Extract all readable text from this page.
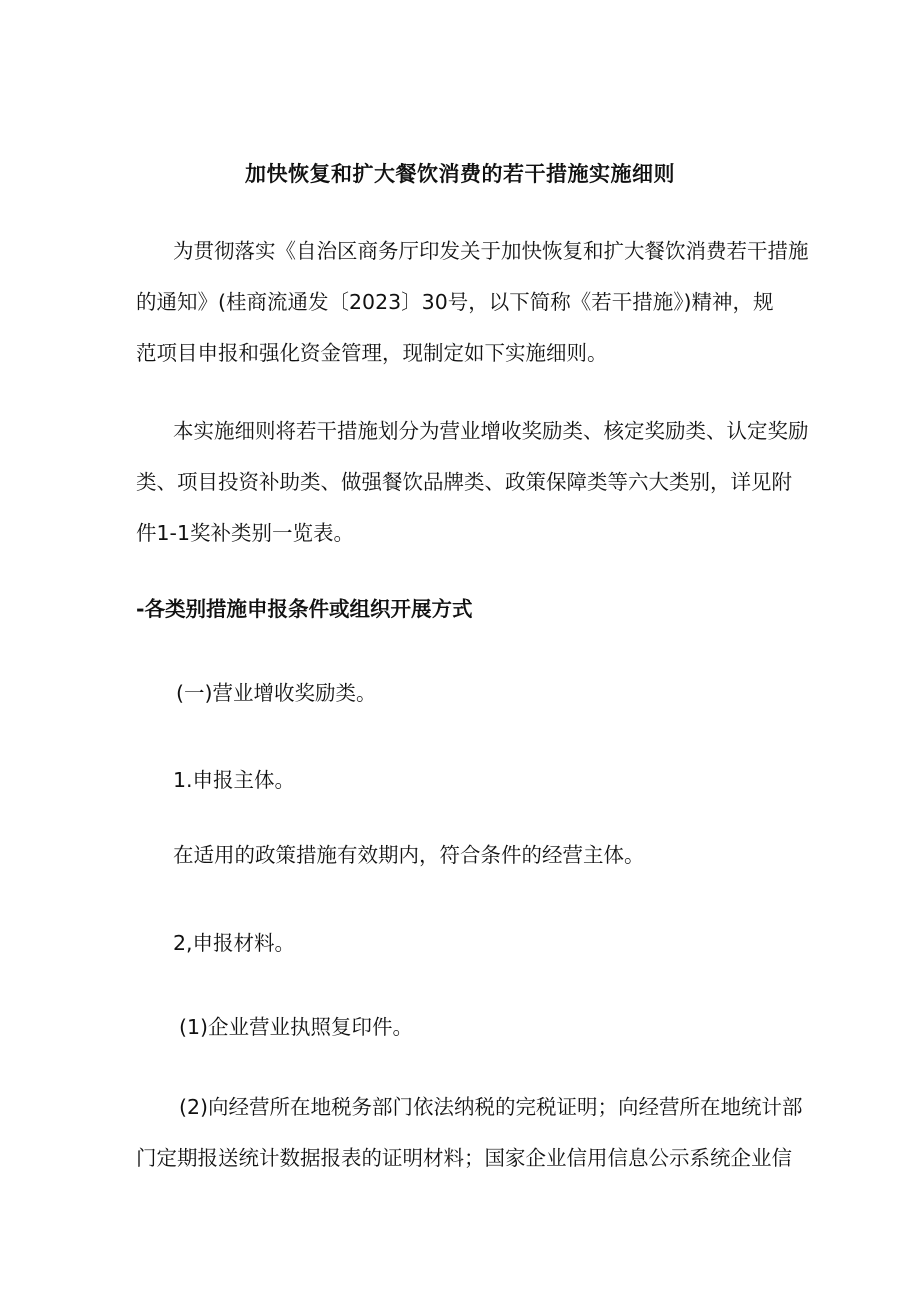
加快恢复和扩大餐饮消费的若干措施实施细则
为贯彻落实《自治区商务厅印发关于加快恢复和扩大餐饮消费若干措施
的通知》(桂商流通发〔2023〕30号，以下简称《若干措施》)精神，规
范项目申报和强化资金管理，现制定如下实施细则。
本实施细则将若干措施划分为营业增收奖励类、核定奖励类、认定奖励
类、项目投资补助类、做强餐饮品牌类、政策保障类等六大类别，详见附
件1-1奖补类别一览表。
-各类别措施申报条件或组织开展方式
(一)营业增收奖励类。
1.申报主体。
在适用的政策措施有效期内，符合条件的经营主体。
2,申报材料。
(1)企业营业执照复印件。
(2)向经营所在地税务部门依法纳税的完税证明；向经营所在地统计部
门定期报送统计数据报表的证明材料；国家企业信用信息公示系统企业信
